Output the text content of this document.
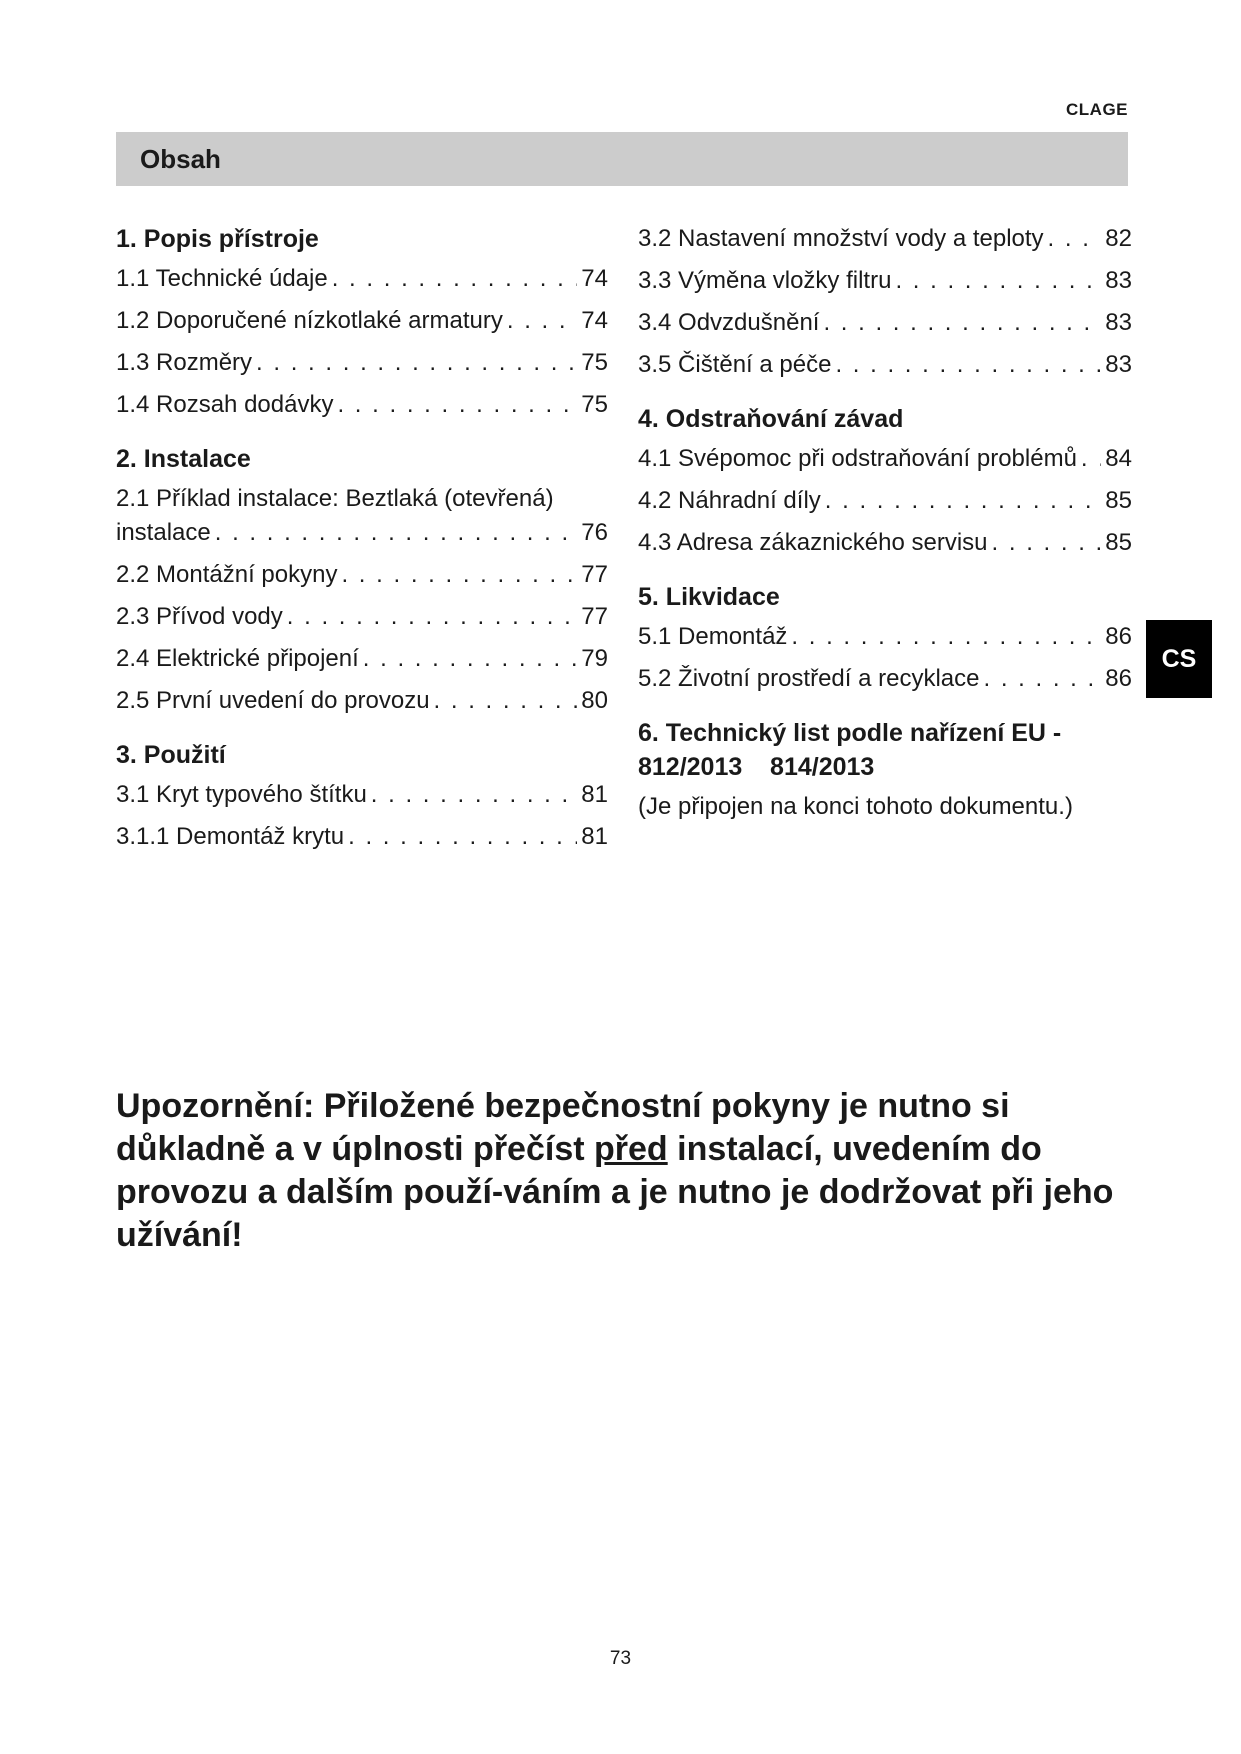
CLAGE
Obsah
1. Popis přístroje
1.1 Technické údaje . . .	74
1.2 Doporučené nízkotlaké armatury . . .	74
1.3 Rozměry . . .	75
1.4 Rozsah dodávky . . .	75
2. Instalace
2.1 Příklad instalace: Beztlaká (otevřená)
instalace . . .	76
2.2 Montážní pokyny . . .	77
2.3 Přívod vody . . .	77
2.4 Elektrické připojení . . .	79
2.5 První uvedení do provozu . . .	80
3. Použití
3.1 Kryt typového štítku . . .	81
3.1.1 Demontáž krytu . . .	81
3.2 Nastavení množství vody a teploty . . .	82
3.3 Výměna vložky filtru . . .	83
3.4 Odvzdušnění . . .	83
3.5 Čištění a péče . . .	83
4. Odstraňování závad
4.1 Svépomoc při odstraňování problémů . . . 84
4.2 Náhradní díly . . .	85
4.3 Adresa zákaznického servisu . . .	85
5. Likvidace
5.1 Demontáž . . .	86
5.2 Životní prostředí a recyklace . . .	86
6. Technický list podle nařízení EU -
812/2013    814/2013
(Je připojen na konci tohoto dokumentu.)
CS
Upozornění: Přiložené bezpečnostní pokyny je nutno si důkladně a v úplnosti přečíst před instalací, uvedením do provozu a dalším použí-váním a je nutno je dodržovat při jeho užívání!
73
